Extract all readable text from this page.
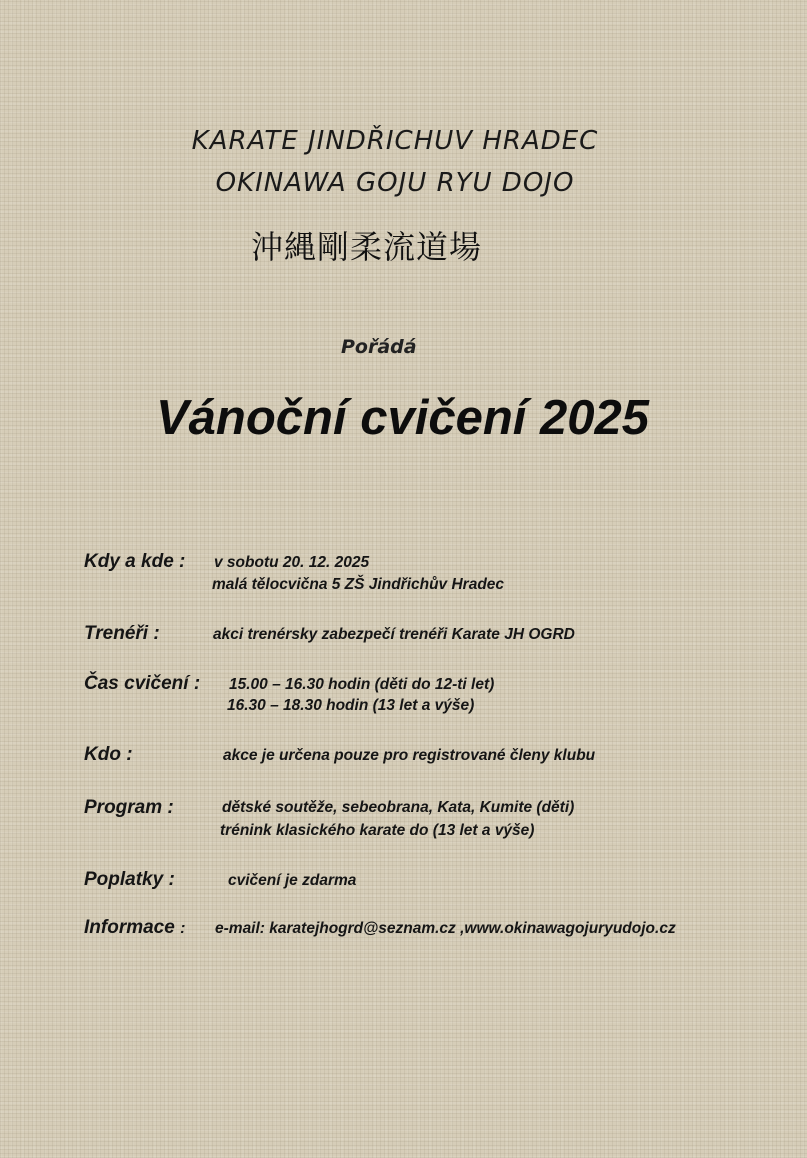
KARATE JINDŘICHUV HRADEC

OKINAWA GOJU RYU DOJO

沖縄剛柔流道場

Pořádá

Vánoční cvičení 2025

Kdy a kde : v sobotu 20. 12. 2025

malá tělocvična 5 ZŠ Jindřichův Hradec

Trenéři :	akci trenérsky zabezpečí trenéři Karate JH OGRD

Čas cvičení : 15.00 – 16.30 hodin (děti do 12-ti let)

16.30 – 18.30 hodin (13 let a výše)

Kdo :	akce je určena pouze pro registrované členy klubu

Program :	dětské soutěže, sebeobrana, Kata, Kumite (děti)

trénink klasického karate do (13 let a výše)

Poplatky :	cvičení je zdarma

Informace : e-mail: karatejhogrd@seznam.cz ,www.okinawagojuryudojo.cz
